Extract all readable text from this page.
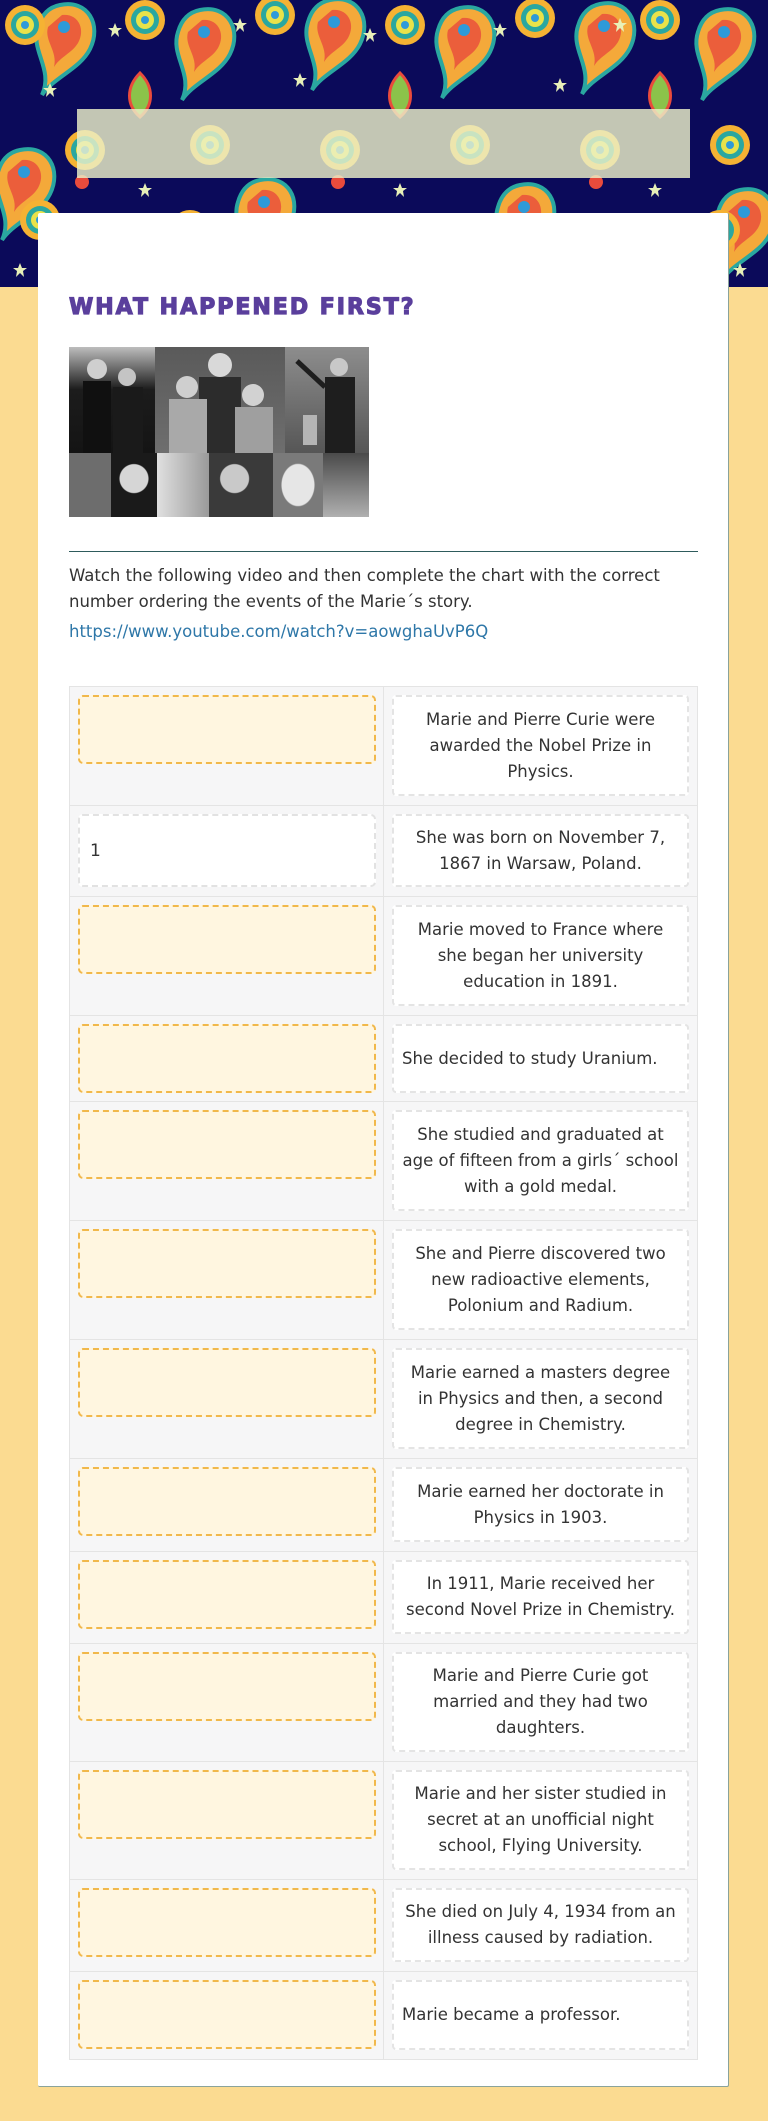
WHAT HAPPENED FIRST?

Watch the following video and then complete the chart with the correct number ordering the events of the Marie´s story.

https://www.youtube.com/watch?v=aowghaUvP6Q
Marie and Pierre Curie were awarded the Nobel Prize in Physics.
1
She was born on November 7, 1867 in Warsaw, Poland.
Marie moved to France where she began her university education in 1891.
She decided to study Uranium.
She studied and graduated at age of fifteen from a girls´ school with a gold medal.
She and Pierre discovered two new radioactive elements, Polonium and Radium.
Marie earned a masters degree in Physics and then, a second degree in Chemistry.
Marie earned her doctorate in Physics in 1903.
In 1911, Marie received her second Novel Prize in Chemistry.
Marie and Pierre Curie got married and they had two daughters.
Marie and her sister studied in secret at an unofficial night school, Flying University.
She died on July 4, 1934 from an illness caused by radiation.
Marie became a professor.
